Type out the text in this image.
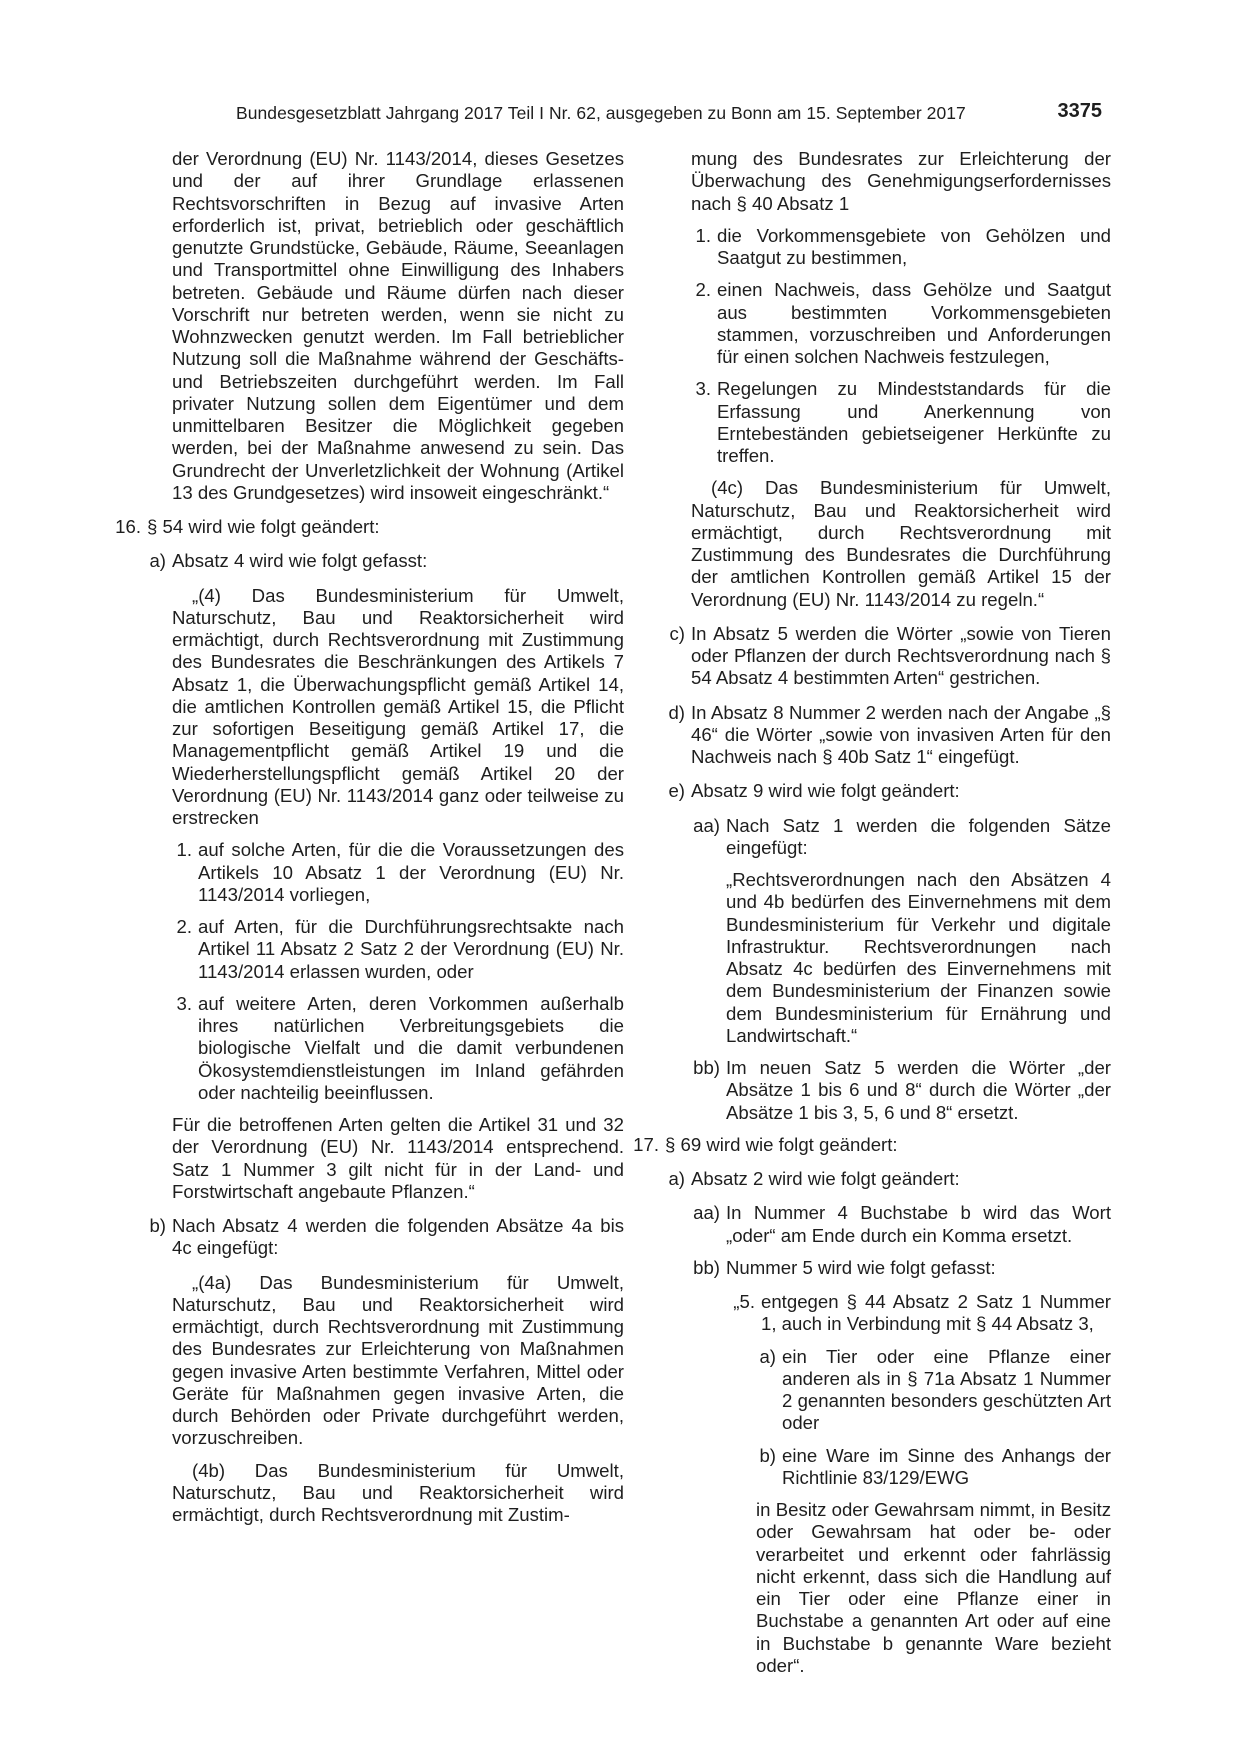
Bundesgesetzblatt Jahrgang 2017 Teil I Nr. 62, ausgegeben zu Bonn am 15. September 2017	3375

der Verordnung (EU) Nr. 1143/2014, dieses Gesetzes und der auf ihrer Grundlage erlassenen Rechtsvorschriften in Bezug auf invasive Arten erforderlich ist, privat, betrieblich oder geschäftlich genutzte Grundstücke, Gebäude, Räume, Seeanlagen und Transportmittel ohne Einwilligung des Inhabers betreten. Gebäude und Räume dürfen nach dieser Vorschrift nur betreten werden, wenn sie nicht zu Wohnzwecken genutzt werden. Im Fall betrieblicher Nutzung soll die Maßnahme während der Geschäfts- und Betriebszeiten durchgeführt werden. Im Fall privater Nutzung sollen dem Eigentümer und dem unmittelbaren Besitzer die Möglichkeit gegeben werden, bei der Maßnahme anwesend zu sein. Das Grundrecht der Unverletzlichkeit der Wohnung (Artikel 13 des Grundgesetzes) wird insoweit eingeschränkt.“

16. § 54 wird wie folgt geändert:
a) Absatz 4 wird wie folgt gefasst:

„(4) Das Bundesministerium für Umwelt, Naturschutz, Bau und Reaktorsicherheit wird ermächtigt, durch Rechtsverordnung mit Zustimmung des Bundesrates die Beschränkungen des Artikels 7 Absatz 1, die Überwachungspflicht gemäß Artikel 14, die amtlichen Kontrollen gemäß Artikel 15, die Pflicht zur sofortigen Beseitigung gemäß Artikel 17, die Managementpflicht gemäß Artikel 19 und die Wiederherstellungspflicht gemäß Artikel 20 der Verordnung (EU) Nr. 1143/2014 ganz oder teilweise zu erstrecken

1. auf solche Arten, für die die Voraussetzungen des Artikels 10 Absatz 1 der Verordnung (EU) Nr. 1143/2014 vorliegen,
2. auf Arten, für die Durchführungsrechtsakte nach Artikel 11 Absatz 2 Satz 2 der Verordnung (EU) Nr. 1143/2014 erlassen wurden, oder
3. auf weitere Arten, deren Vorkommen außerhalb ihres natürlichen Verbreitungsgebiets die biologische Vielfalt und die damit verbundenen Ökosystemdienstleistungen im Inland gefährden oder nachteilig beeinflussen.

Für die betroffenen Arten gelten die Artikel 31 und 32 der Verordnung (EU) Nr. 1143/2014 entsprechend. Satz 1 Nummer 3 gilt nicht für in der Land- und Forstwirtschaft angebaute Pflanzen.“

b) Nach Absatz 4 werden die folgenden Absätze 4a bis 4c eingefügt:

„(4a) Das Bundesministerium für Umwelt, Naturschutz, Bau und Reaktorsicherheit wird ermächtigt, durch Rechtsverordnung mit Zustimmung des Bundesrates zur Erleichterung von Maßnahmen gegen invasive Arten bestimmte Verfahren, Mittel oder Geräte für Maßnahmen gegen invasive Arten, die durch Behörden oder Private durchgeführt werden, vorzuschreiben.

(4b) Das Bundesministerium für Umwelt, Naturschutz, Bau und Reaktorsicherheit wird ermächtigt, durch Rechtsverordnung mit Zustim-

mung des Bundesrates zur Erleichterung der Überwachung des Genehmigungserfordernisses nach § 40 Absatz 1

1. die Vorkommensgebiete von Gehölzen und Saatgut zu bestimmen,
2. einen Nachweis, dass Gehölze und Saatgut aus bestimmten Vorkommensgebieten stammen, vorzuschreiben und Anforderungen für einen solchen Nachweis festzulegen,
3. Regelungen zu Mindeststandards für die Erfassung und Anerkennung von Erntebeständen gebietseigener Herkünfte zu treffen.

(4c) Das Bundesministerium für Umwelt, Naturschutz, Bau und Reaktorsicherheit wird ermächtigt, durch Rechtsverordnung mit Zustimmung des Bundesrates die Durchführung der amtlichen Kontrollen gemäß Artikel 15 der Verordnung (EU) Nr. 1143/2014 zu regeln.“

c) In Absatz 5 werden die Wörter „sowie von Tieren oder Pflanzen der durch Rechtsverordnung nach § 54 Absatz 4 bestimmten Arten“ gestrichen.
d) In Absatz 8 Nummer 2 werden nach der Angabe „§ 46“ die Wörter „sowie von invasiven Arten für den Nachweis nach § 40b Satz 1“ eingefügt.
e) Absatz 9 wird wie folgt geändert:
aa) Nach Satz 1 werden die folgenden Sätze eingefügt:

„Rechtsverordnungen nach den Absätzen 4 und 4b bedürfen des Einvernehmens mit dem Bundesministerium für Verkehr und digitale Infrastruktur. Rechtsverordnungen nach Absatz 4c bedürfen des Einvernehmens mit dem Bundesministerium der Finanzen sowie dem Bundesministerium für Ernährung und Landwirtschaft.“

bb) Im neuen Satz 5 werden die Wörter „der Absätze 1 bis 6 und 8“ durch die Wörter „der Absätze 1 bis 3, 5, 6 und 8“ ersetzt.
17. § 69 wird wie folgt geändert:
a) Absatz 2 wird wie folgt geändert:
aa) In Nummer 4 Buchstabe b wird das Wort „oder“ am Ende durch ein Komma ersetzt.
bb) Nummer 5 wird wie folgt gefasst:
„5. entgegen § 44 Absatz 2 Satz 1 Nummer 1, auch in Verbindung mit § 44 Absatz 3,
a) ein Tier oder eine Pflanze einer anderen als in § 71a Absatz 1 Nummer 2 genannten besonders geschützten Art oder
b) eine Ware im Sinne des Anhangs der Richtlinie 83/129/EWG

in Besitz oder Gewahrsam nimmt, in Besitz oder Gewahrsam hat oder be- oder verarbeitet und erkennt oder fahrlässig nicht erkennt, dass sich die Handlung auf ein Tier oder eine Pflanze einer in Buchstabe a genannten Art oder auf eine in Buchstabe b genannte Ware bezieht oder“.
